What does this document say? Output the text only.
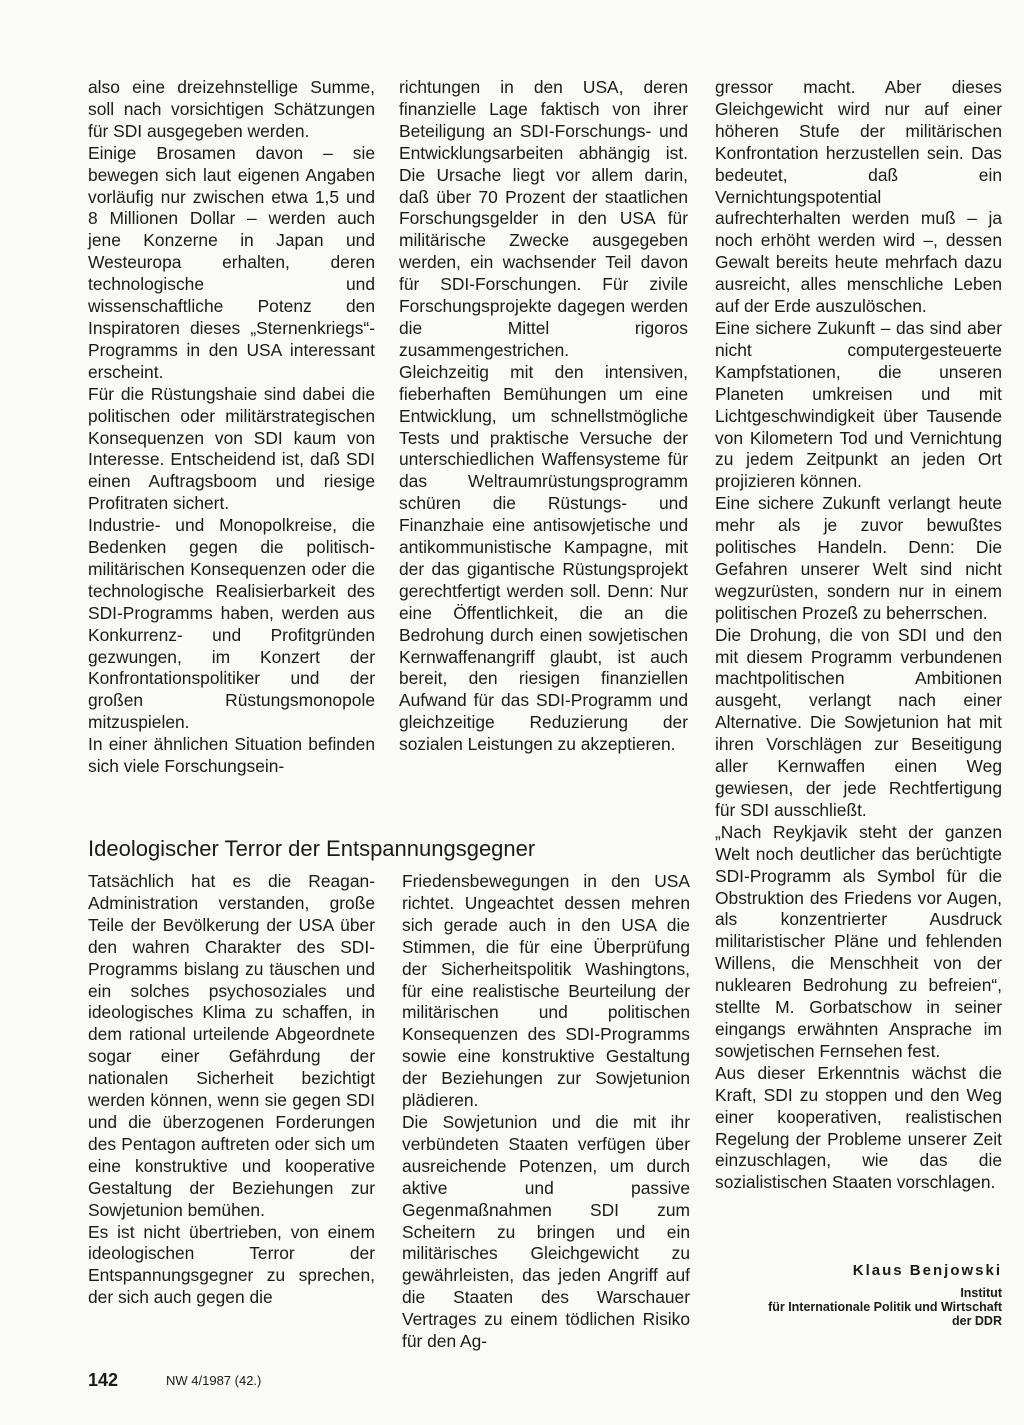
also eine dreizehnstellige Summe, soll nach vorsichtigen Schätzungen für SDI ausgegeben werden.

Einige Brosamen davon – sie bewegen sich laut eigenen Angaben vorläufig nur zwischen etwa 1,5 und 8 Millionen Dollar – werden auch jene Konzerne in Japan und Westeuropa erhalten, deren technologische und wissenschaftliche Potenz den Inspiratoren dieses „Sternenkriegs“-Programms in den USA interessant erscheint.

Für die Rüstungshaie sind dabei die politischen oder militärstrategischen Konsequenzen von SDI kaum von Interesse. Entscheidend ist, daß SDI einen Auftragsboom und riesige Profitraten sichert.

Industrie- und Monopolkreise, die Bedenken gegen die politisch-militärischen Konsequenzen oder die technologische Realisierbarkeit des SDI-Programms haben, werden aus Konkurrenz- und Profitgründen gezwungen, im Konzert der Konfrontationspolitiker und der großen Rüstungsmonopole mitzuspielen.

In einer ähnlichen Situation befinden sich viele Forschungsein-

richtungen in den USA, deren finanzielle Lage faktisch von ihrer Beteiligung an SDI-Forschungs- und Entwicklungsarbeiten abhängig ist. Die Ursache liegt vor allem darin, daß über 70 Prozent der staatlichen Forschungsgelder in den USA für militärische Zwecke ausgegeben werden, ein wachsender Teil davon für SDI-Forschungen. Für zivile Forschungsprojekte dagegen werden die Mittel rigoros zusammengestrichen.

Gleichzeitig mit den intensiven, fieberhaften Bemühungen um eine Entwicklung, um schnellstmögliche Tests und praktische Versuche der unterschiedlichen Waffensysteme für das Weltraumrüstungsprogramm schüren die Rüstungs- und Finanzhaie eine antisowjetische und antikommunistische Kampagne, mit der das gigantische Rüstungsprojekt gerechtfertigt werden soll. Denn: Nur eine Öffentlichkeit, die an die Bedrohung durch einen sowjetischen Kernwaffenangriff glaubt, ist auch bereit, den riesigen finanziellen Aufwand für das SDI-Programm und gleichzeitige Reduzierung der sozialen Leistungen zu akzeptieren.

gressor macht. Aber dieses Gleichgewicht wird nur auf einer höheren Stufe der militärischen Konfrontation herzustellen sein. Das bedeutet, daß ein Vernichtungspotential aufrechterhalten werden muß – ja noch erhöht werden wird –, dessen Gewalt bereits heute mehrfach dazu ausreicht, alles menschliche Leben auf der Erde auszulöschen.

Eine sichere Zukunft – das sind aber nicht computergesteuerte Kampfstationen, die unseren Planeten umkreisen und mit Lichtgeschwindigkeit über Tausende von Kilometern Tod und Vernichtung zu jedem Zeitpunkt an jeden Ort projizieren können.

Eine sichere Zukunft verlangt heute mehr als je zuvor bewußtes politisches Handeln. Denn: Die Gefahren unserer Welt sind nicht wegzurüsten, sondern nur in einem politischen Prozeß zu beherrschen.

Die Drohung, die von SDI und den mit diesem Programm verbundenen machtpolitischen Ambitionen ausgeht, verlangt nach einer Alternative. Die Sowjetunion hat mit ihren Vorschlägen zur Beseitigung aller Kernwaffen einen Weg gewiesen, der jede Rechtfertigung für SDI ausschließt.

„Nach Reykjavik steht der ganzen Welt noch deutlicher das berüchtigte SDI-Programm als Symbol für die Obstruktion des Friedens vor Augen, als konzentrierter Ausdruck militaristischer Pläne und fehlenden Willens, die Menschheit von der nuklearen Bedrohung zu befreien“, stellte M. Gorbatschow in seiner eingangs erwähnten Ansprache im sowjetischen Fernsehen fest.

Aus dieser Erkenntnis wächst die Kraft, SDI zu stoppen und den Weg einer kooperativen, realistischen Regelung der Probleme unserer Zeit einzuschlagen, wie das die sozialistischen Staaten vorschlagen.

Ideologischer Terror der Entspannungsgegner

Tatsächlich hat es die Reagan-Administration verstanden, große Teile der Bevölkerung der USA über den wahren Charakter des SDI-Programms bislang zu täuschen und ein solches psychosoziales und ideologisches Klima zu schaffen, in dem rational urteilende Abgeordnete sogar einer Gefährdung der nationalen Sicherheit bezichtigt werden können, wenn sie gegen SDI und die überzogenen Forderungen des Pentagon auftreten oder sich um eine konstruktive und kooperative Gestaltung der Beziehungen zur Sowjetunion bemühen.

Es ist nicht übertrieben, von einem ideologischen Terror der Entspannungsgegner zu sprechen, der sich auch gegen die

Friedensbewegungen in den USA richtet. Ungeachtet dessen mehren sich gerade auch in den USA die Stimmen, die für eine Überprüfung der Sicherheitspolitik Washingtons, für eine realistische Beurteilung der militärischen und politischen Konsequenzen des SDI-Programms sowie eine konstruktive Gestaltung der Beziehungen zur Sowjetunion plädieren.

Die Sowjetunion und die mit ihr verbündeten Staaten verfügen über ausreichende Potenzen, um durch aktive und passive Gegenmaßnahmen SDI zum Scheitern zu bringen und ein militärisches Gleichgewicht zu gewährleisten, das jeden Angriff auf die Staaten des Warschauer Vertrages zu einem tödlichen Risiko für den Ag-

Klaus Benjowski
Institut
für Internationale Politik und Wirtschaft
der DDR
142	NW 4/1987 (42.)
